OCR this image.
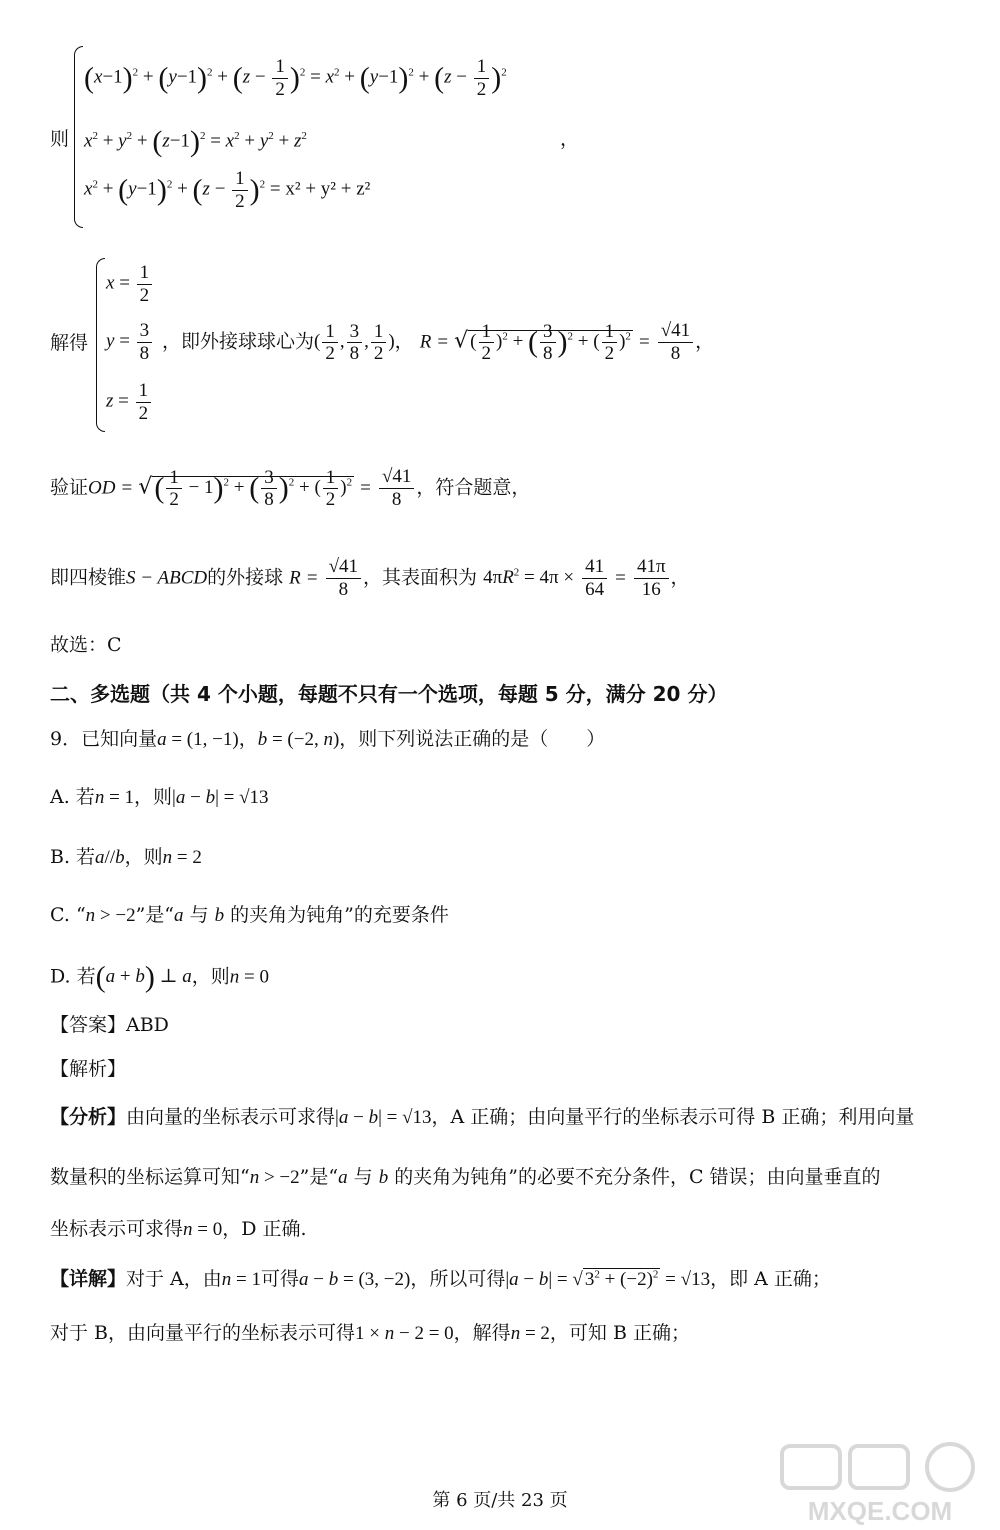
则
$(x-1)^2 + (y-1)^2 + (z - \frac{1}{2} )^2 = x^2 + (y-1)^2 + (z - \frac{1}{2} )^2$
$x^2 + y^2 + (z-1)^2 = x^2 + y^2 + z^2$	，
$x^2 + (y-1)^2 + (z - \frac{1}{2} )^2 = x^2 + y^2 + z^2$
解得
$x = \frac{1}{2}$
$y = \frac{3}{8}$
$z = \frac{1}{2}$
，即外接球球心为( $\frac{1}{2}$ , $\frac{3}{8}$ , $\frac{1}{2}$ )， R = √ ( $\frac{1}{2} )^2$ + ( $\frac{3}{8} )^2$ + ( $\frac{1}{2} )^2 = \frac{√41}{8}$ ，
验证OD = √( $\frac{1}{2} - 1)^2$ + ( $\frac{3}{8} )^2$ + ( $\frac{1}{2} )^2 = \frac{√41}{8}$ ，符合题意，
即四棱锥S − ABCD的外接球 $R = \frac{√41}{8}$ ，其表面积为 $4\pi R^2 = 4\pi \times \frac{41}{64} = \frac{41\pi}{16}$ ，
故选：C
二、多选题（共 4 个小题，每题不只有一个选项，每题 5 分，满分 20 分）
9．已知向量a = (1, −1)，b = (−2, n)，则下列说法正确的是（　　）
A. 若n = 1，则|a − b| = √13
B. 若a//b，则n = 2
C. “n > −2”是“a 与 b 的夹角为钝角”的充要条件
D. 若(a + b) ⊥ a，则n = 0
【答案】ABD
【解析】
【分析】由向量的坐标表示可求得|a − b| = √13，A 正确；由向量平行的坐标表示可得 B 正确；利用向量
数量积的坐标运算可知“n > −2”是“a 与 b 的夹角为钝角”的必要不充分条件，C 错误；由向量垂直的
坐标表示可求得n = 0，D 正确.
【详解】对于 A，由n = 1可得a − b = (3, −2)，所以可得|a − b| = √ $3^2 + (-2)^2 = √13$，即 A 正确；
对于 B，由向量平行的坐标表示可得1 × n − 2 = 0，解得n = 2，可知 B 正确；
第 6 页/共 23 页	MXQE.COM
